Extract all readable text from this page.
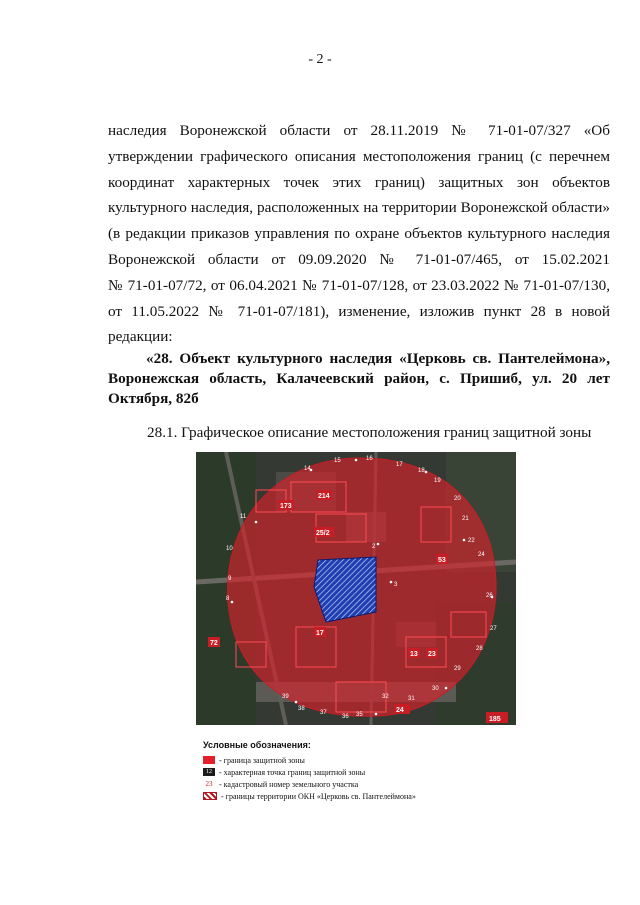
- 2 -
наследия Воронежской области от 28.11.2019 № 71-01-07/327 «Об
утверждении графического описания местоположения границ (с перечнем
координат характерных точек этих границ) защитных зон объектов
культурного наследия, расположенных на территории Воронежской области»
(в редакции приказов управления по охране объектов культурного наследия
Воронежской области от 09.09.2020 № 71-01-07/465, от 15.02.2021
№ 71-01-07/72, от 06.04.2021 № 71-01-07/128, от 23.03.2022 № 71-01-07/130,
от 11.05.2022 № 71-01-07/181), изменение, изложив пункт 28 в новой
редакции:
«28. Объект культурного наследия «Церковь св. Пантелеймона»,
Воронежская область, Калачеевский район, с. Пришиб, ул. 20 лет
Октября, 82б
28.1. Графическое описание местоположения границ защитной зоны
2
3
15	16
17
18
19
20
21
22
24
26
27
28
29
30
31
32
35
36
37
38
39
10
11
14
9
8
173
214
25/2
53
72
17
23
13
24
185
Условные обозначения:
- граница защитной зоны
12 - характерная точка границ защитной зоны
23 - кадастровый номер земельного участка
- границы территории ОКН «Церковь св. Пантелеймона»
